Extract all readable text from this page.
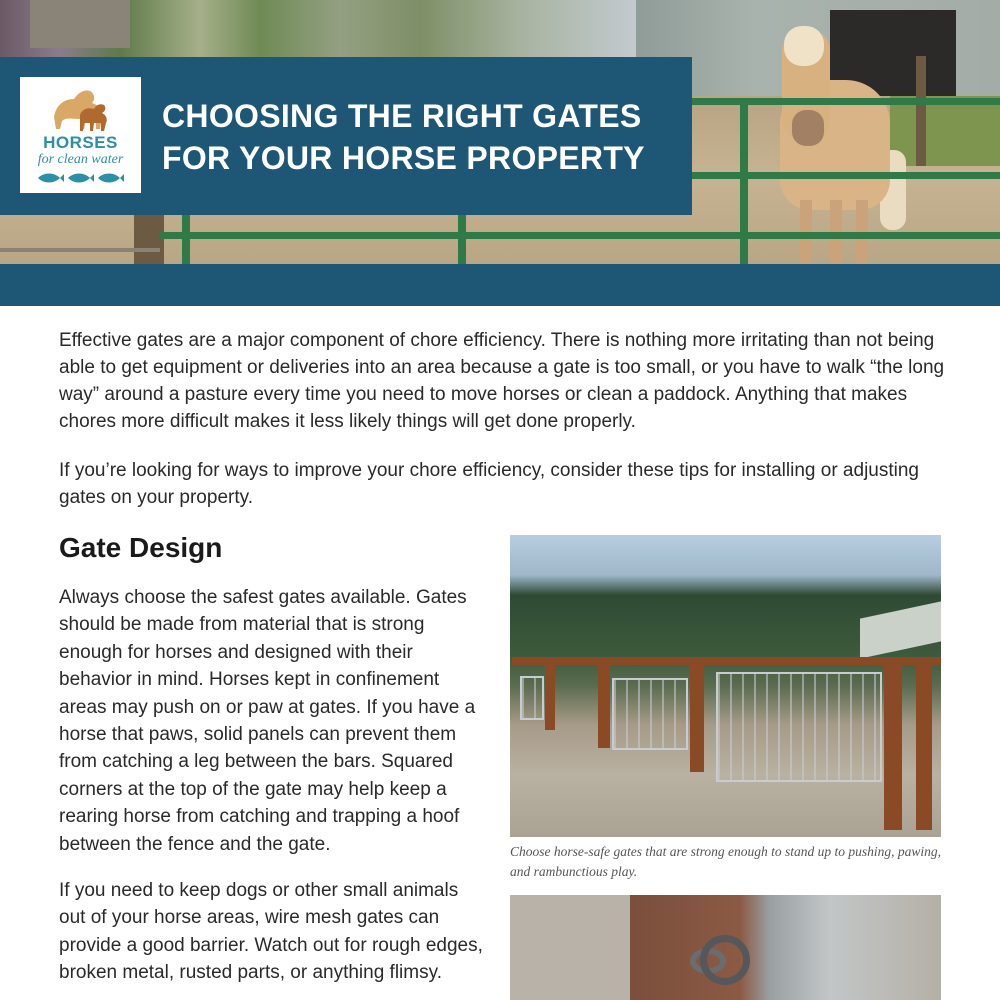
HORSES
for clean water
CHOOSING THE RIGHT GATES
FOR YOUR HORSE PROPERTY

Effective gates are a major component of chore efficiency. There is nothing more irritating than not being able to get equipment or deliveries into an area because a gate is too small, or you have to walk “the long way” around a pasture every time you need to move horses or clean a paddock. Anything that makes chores more difficult makes it less likely things will get done properly.

If you’re looking for ways to improve your chore efficiency, consider these tips for installing or adjusting gates on your property.

Gate Design

Always choose the safest gates available. Gates should be made from material that is strong enough for horses and designed with their behavior in mind. Horses kept in confinement areas may push on or paw at gates. If you have a horse that paws, solid panels can prevent them from catching a leg between the bars. Squared corners at the top of the gate may help keep a rearing horse from catching and trapping a hoof between the fence and the gate.

If you need to keep dogs or other small animals out of your horse areas, wire mesh gates can provide a good barrier. Watch out for rough edges, broken metal, rusted parts, or anything flimsy.

Choose horse-safe gates that are strong enough to stand up to pushing, pawing, and rambunctious play.
